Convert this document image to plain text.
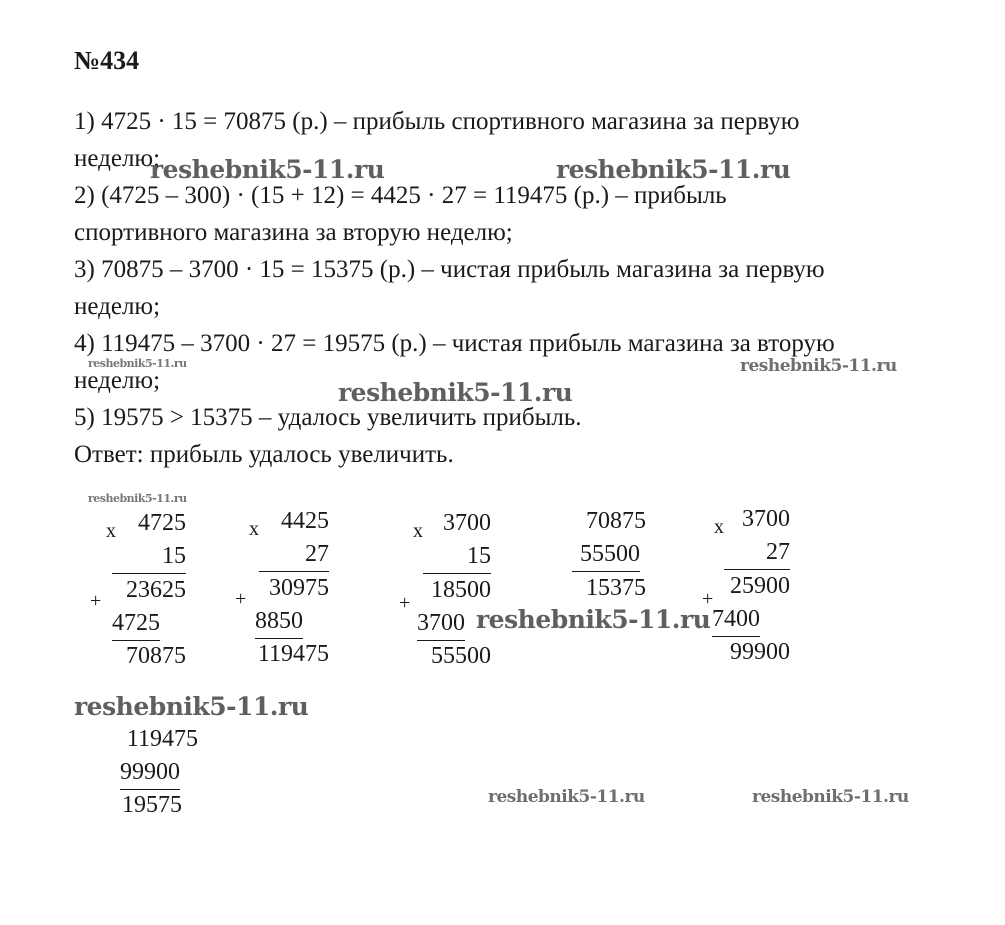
№434
1) 4725 · 15 = 70875 (р.) – прибыль спортивного магазина за первую
неделю;
2) (4725 – 300) · (15 + 12) = 4425 · 27 = 119475 (р.) – прибыль
спортивного магазина за вторую неделю;
3) 70875 – 3700 · 15 = 15375 (р.) – чистая прибыль магазина за первую
неделю;
4) 119475 – 3700 · 27 = 19575 (р.) – чистая прибыль магазина за вторую
неделю;
5) 19575 > 15375 – удалось увеличить прибыль.
Ответ: прибыль удалось увеличить.
x
+
4725
15
23625
4725

70875
x
+
4425
27
30975
8850

119475
x
+
3700
15
18500
3700

55500
70875
55500
15375
x
+
3700
27
25900
7400

99900
119475
99900

19575
reshebnik5-11.ru	reshebnik5-11.ru
reshebnik5-11.ru	reshebnik5-11.ru
reshebnik5-11.ru
reshebnik5-11.ru
reshebnik5-11.ru
reshebnik5-11.ru
reshebnik5-11.ru	reshebnik5-11.ru
